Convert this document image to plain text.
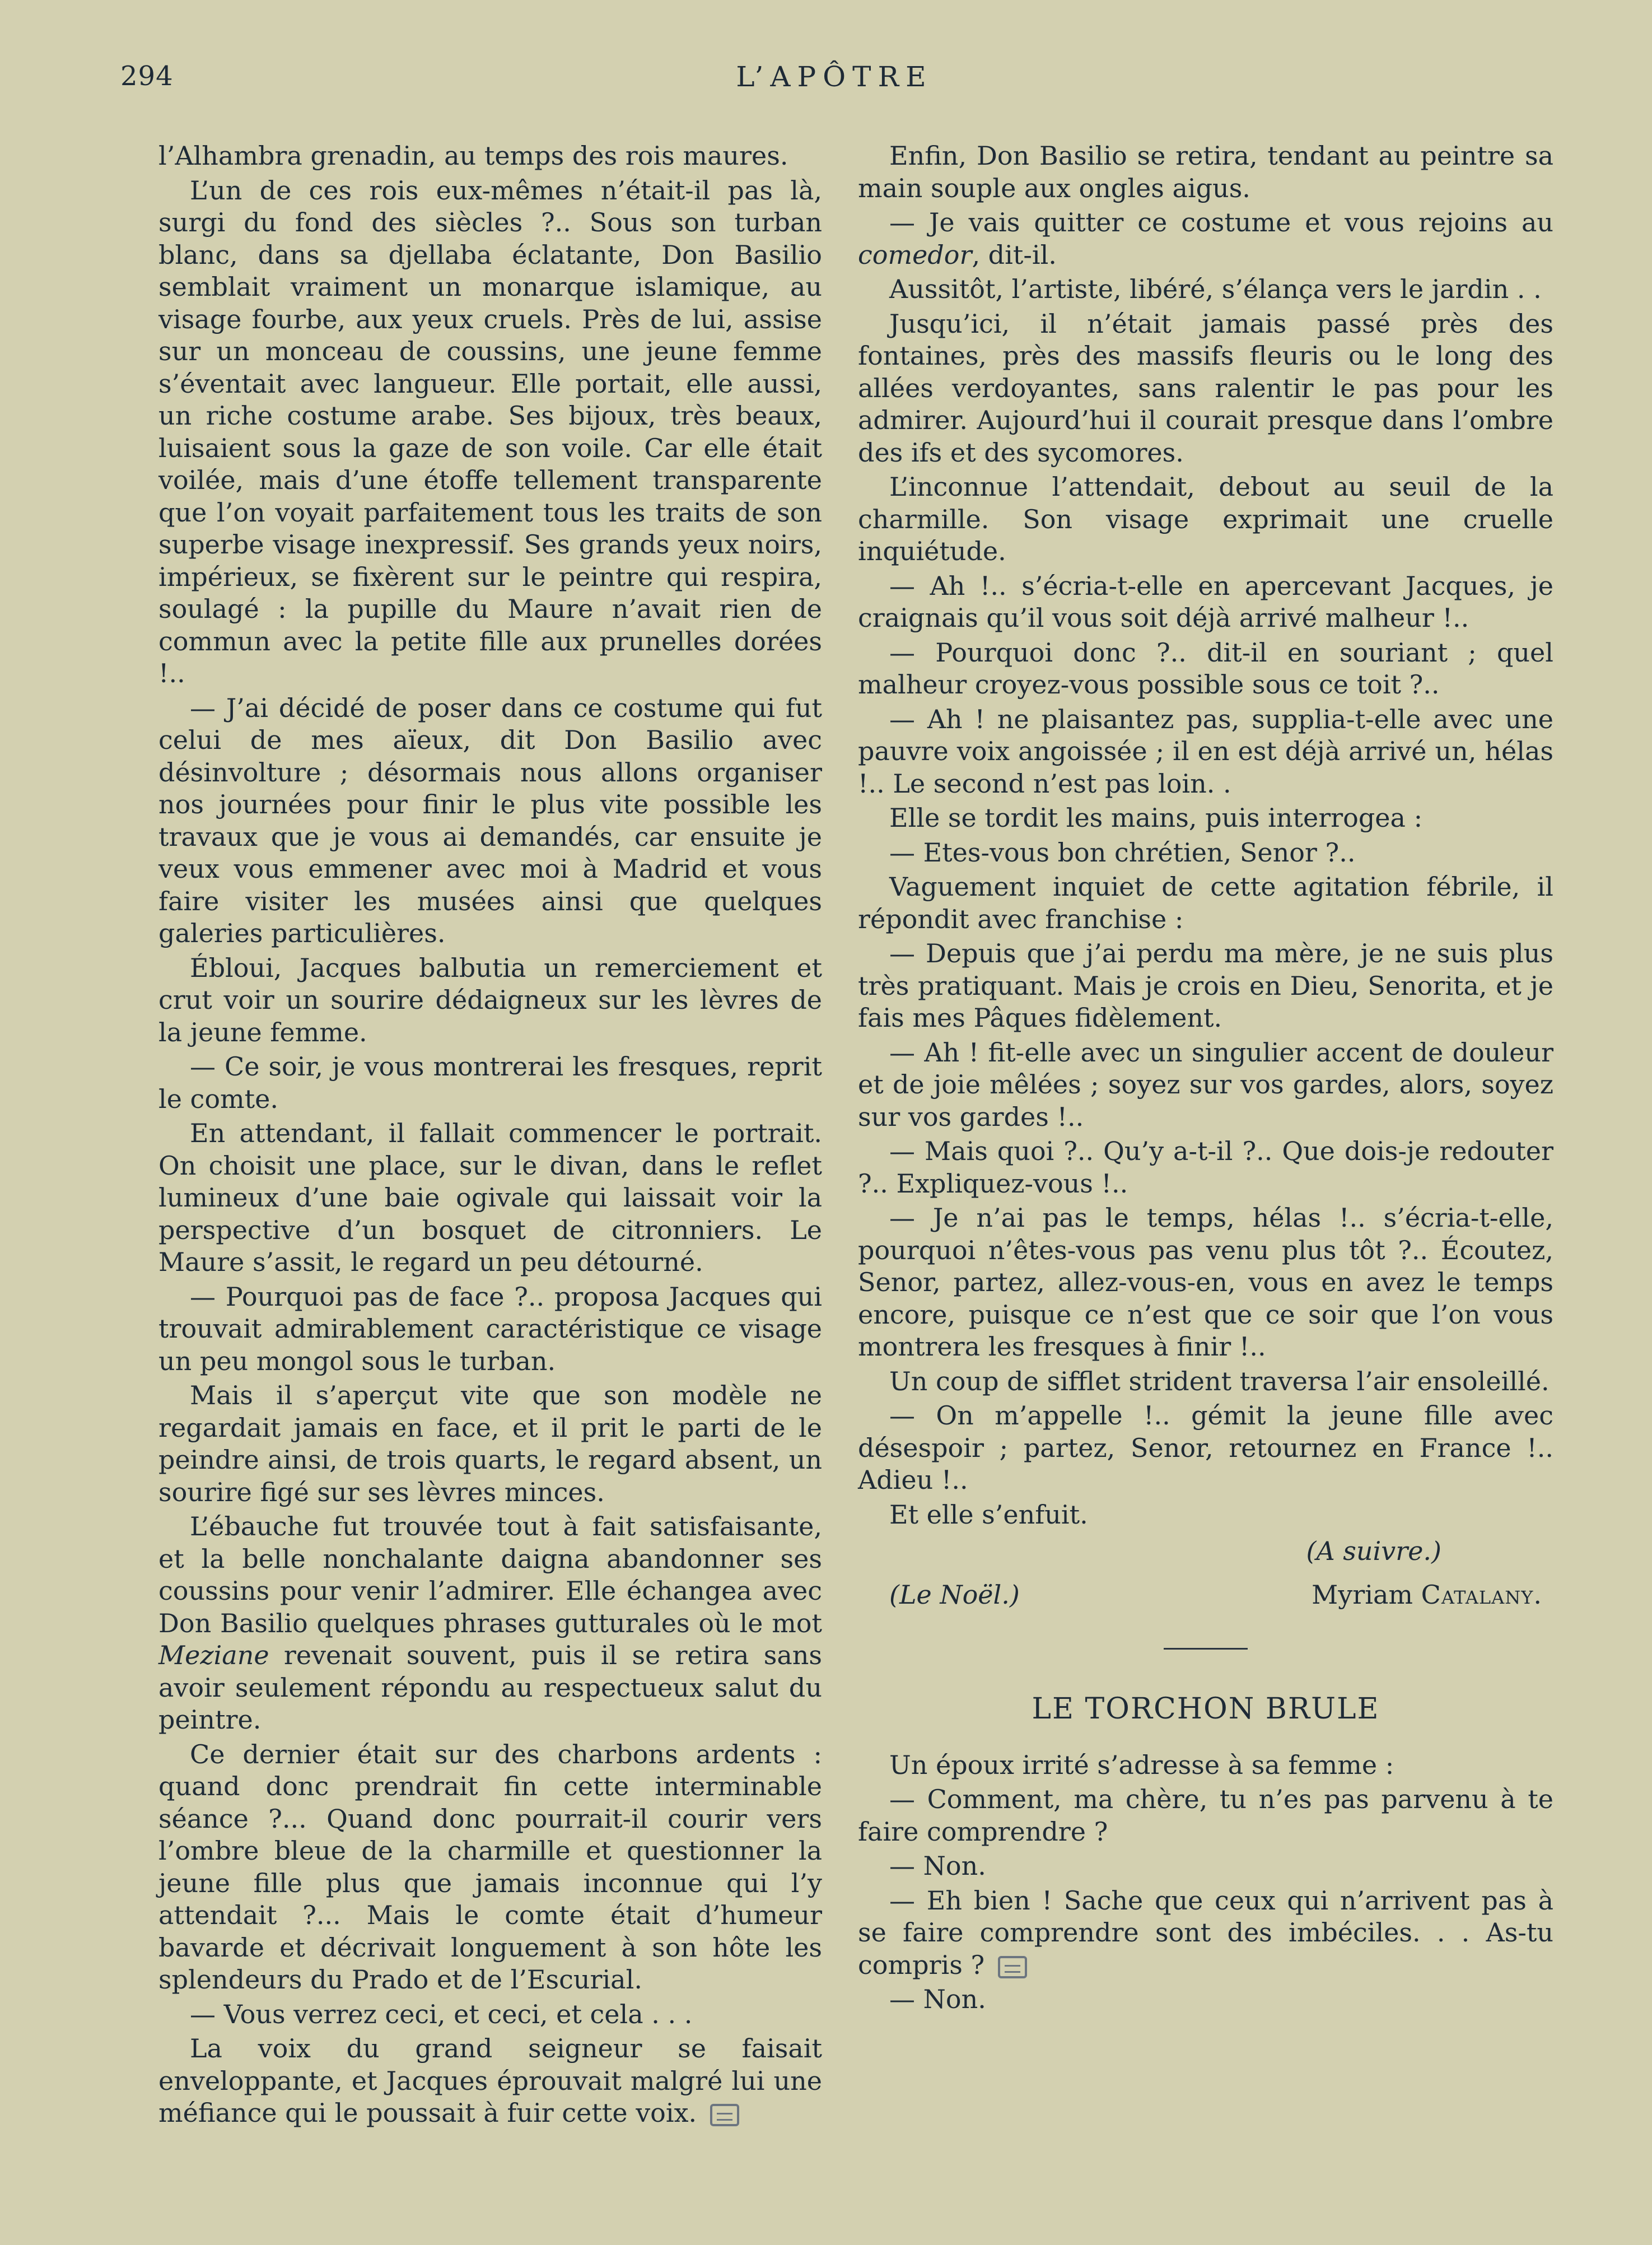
294	L’APÔTRE

l’Alhambra grenadin, au temps des rois maures.

L’un de ces rois eux-mêmes n’était-il pas là, surgi du fond des siècles ?.. Sous son turban blanc, dans sa djellaba éclatante, Don Basilio semblait vraiment un monarque islamique, au visage fourbe, aux yeux cruels. Près de lui, assise sur un monceau de coussins, une jeune femme s’éventait avec langueur. Elle portait, elle aussi, un riche costume arabe. Ses bijoux, très beaux, luisaient sous la gaze de son voile. Car elle était voilée, mais d’une étoffe tellement transparente que l’on voyait parfaitement tous les traits de son superbe visage inexpressif. Ses grands yeux noirs, impérieux, se fixèrent sur le peintre qui respira, soulagé : la pupille du Maure n’avait rien de commun avec la petite fille aux prunelles dorées !..

— J’ai décidé de poser dans ce costume qui fut celui de mes aïeux, dit Don Basilio avec désinvolture ; désormais nous allons organiser nos journées pour finir le plus vite possible les travaux que je vous ai demandés, car ensuite je veux vous emmener avec moi à Madrid et vous faire visiter les musées ainsi que quelques galeries particulières.

Ébloui, Jacques balbutia un remerciement et crut voir un sourire dédaigneux sur les lèvres de la jeune femme.

— Ce soir, je vous montrerai les fresques, reprit le comte.

En attendant, il fallait commencer le portrait. On choisit une place, sur le divan, dans le reflet lumineux d’une baie ogivale qui laissait voir la perspective d’un bosquet de citronniers. Le Maure s’assit, le regard un peu détourné.

— Pourquoi pas de face ?.. proposa Jacques qui trouvait admirablement caractéristique ce visage un peu mongol sous le turban.

Mais il s’aperçut vite que son modèle ne regardait jamais en face, et il prit le parti de le peindre ainsi, de trois quarts, le regard absent, un sourire figé sur ses lèvres minces.

L’ébauche fut trouvée tout à fait satisfaisante, et la belle nonchalante daigna abandonner ses coussins pour venir l’admirer. Elle échangea avec Don Basilio quelques phrases gutturales où le mot Meziane revenait souvent, puis il se retira sans avoir seulement répondu au respectueux salut du peintre.

Ce dernier était sur des charbons ardents : quand donc prendrait fin cette interminable séance ?... Quand donc pourrait-il courir vers l’ombre bleue de la charmille et questionner la jeune fille plus que jamais inconnue qui l’y attendait ?... Mais le comte était d’humeur bavarde et décrivait longuement à son hôte les splendeurs du Prado et de l’Escurial.

— Vous verrez ceci, et ceci, et cela . . .

La voix du grand seigneur se faisait enveloppante, et Jacques éprouvait malgré lui une méfiance qui le poussait à fuir cette voix.

Enfin, Don Basilio se retira, tendant au peintre sa main souple aux ongles aigus.

— Je vais quitter ce costume et vous rejoins au comedor, dit-il.

Aussitôt, l’artiste, libéré, s’élança vers le jardin . .

Jusqu’ici, il n’était jamais passé près des fontaines, près des massifs fleuris ou le long des allées verdoyantes, sans ralentir le pas pour les admirer. Aujourd’hui il courait presque dans l’ombre des ifs et des sycomores.

L’inconnue l’attendait, debout au seuil de la charmille. Son visage exprimait une cruelle inquiétude.

— Ah !.. s’écria-t-elle en apercevant Jacques, je craignais qu’il vous soit déjà arrivé malheur !..

— Pourquoi donc ?.. dit-il en souriant ; quel malheur croyez-vous possible sous ce toit ?..

— Ah ! ne plaisantez pas, supplia-t-elle avec une pauvre voix angoissée ; il en est déjà arrivé un, hélas !.. Le second n’est pas loin. .

Elle se tordit les mains, puis interrogea :

— Etes-vous bon chrétien, Senor ?..

Vaguement inquiet de cette agitation fébrile, il répondit avec franchise :

— Depuis que j’ai perdu ma mère, je ne suis plus très pratiquant. Mais je crois en Dieu, Senorita, et je fais mes Pâques fidèlement.

— Ah ! fit-elle avec un singulier accent de douleur et de joie mêlées ; soyez sur vos gardes, alors, soyez sur vos gardes !..

— Mais quoi ?.. Qu’y a-t-il ?.. Que dois-je redouter ?.. Expliquez-vous !..

— Je n’ai pas le temps, hélas !.. s’écria-t-elle, pourquoi n’êtes-vous pas venu plus tôt ?.. Écoutez, Senor, partez, allez-vous-en, vous en avez le temps encore, puisque ce n’est que ce soir que l’on vous montrera les fresques à finir !..

Un coup de sifflet strident traversa l’air ensoleillé.

— On m’appelle !.. gémit la jeune fille avec désespoir ; partez, Senor, retournez en France !.. Adieu !..

Et elle s’enfuit.

(A suivre.)
(Le Noël.)	Myriam Catalany.
LE TORCHON BRULE

Un époux irrité s’adresse à sa femme :

— Comment, ma chère, tu n’es pas parvenu à te faire comprendre ?

— Non.

— Eh bien ! Sache que ceux qui n’arrivent pas à se faire comprendre sont des imbéciles. . . As-tu compris ?

— Non.
